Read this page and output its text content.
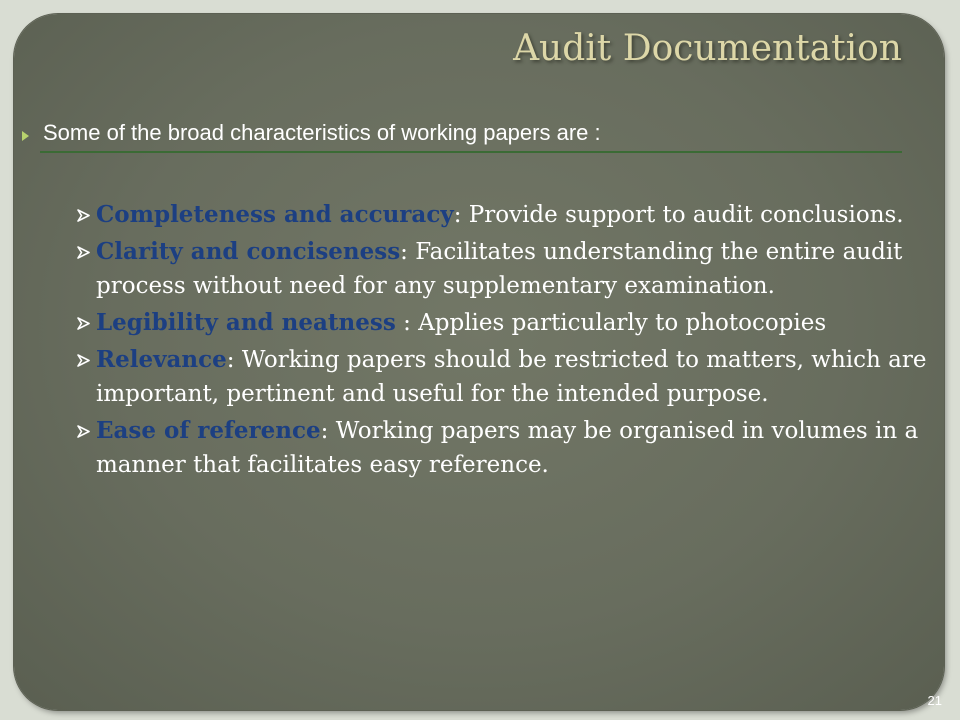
Audit Documentation
Some of the broad characteristics of working papers are :
Completeness and accuracy: Provide support to audit conclusions.
Clarity and conciseness: Facilitates understanding the entire audit process without need for any supplementary examination.
Legibility and neatness : Applies particularly to photocopies
Relevance: Working papers should be restricted to matters, which are important, pertinent and useful for the intended purpose.
Ease of reference: Working papers may be organised in volumes in a manner that facilitates easy reference.
21
